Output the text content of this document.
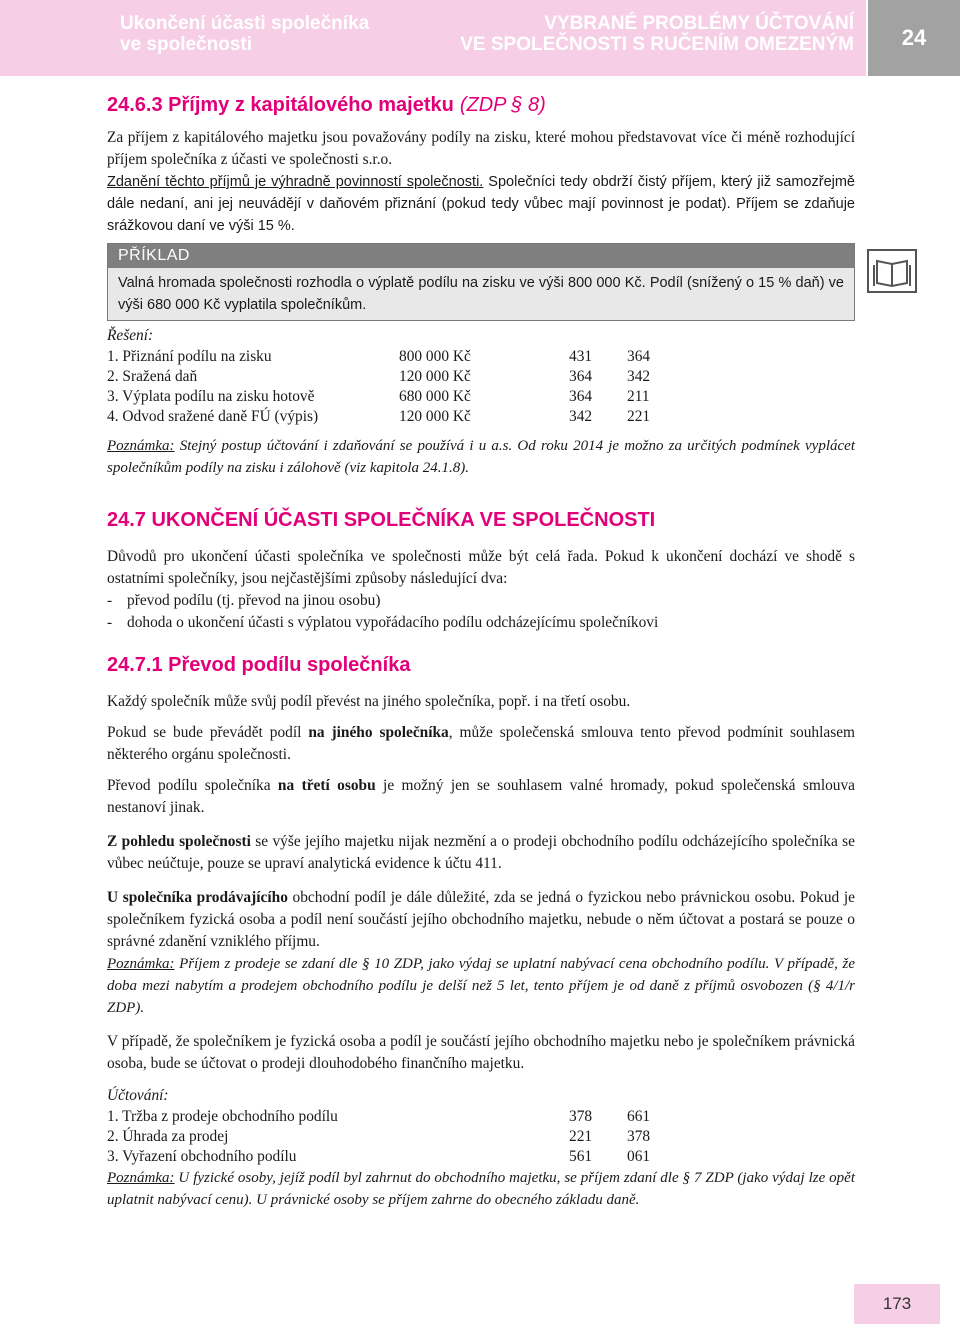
Ukončení účasti společníka
ve společnosti
VYBRANÉ PROBLÉMY ÚČTOVÁNÍ
VE SPOLEČNOSTI S RUČENÍM OMEZENÝM	24
24.6.3 Příjmy z kapitálového majetku (ZDP § 8)

Za příjem z kapitálového majetku jsou považovány podíly na zisku, které mohou představovat více či méně rozhodující příjem společníka z účasti ve společnosti s.r.o.

Zdanění těchto příjmů je výhradně povinností společnosti. Společníci tedy obdrží čistý příjem, který již samozřejmě dále nedaní, ani jej neuvádějí v daňovém přiznání (pokud tedy vůbec mají povinnost je podat). Příjem se zdaňuje srážkovou daní ve výši 15 %.

PŘÍKLAD
Valná hromada společnosti rozhodla o výplatě podílu na zisku ve výši 800 000 Kč. Podíl (snížený o 15 % daň) ve výši 680 000 Kč vyplatila společníkům.

Řešení:

1. Přiznání podílu na zisku	800 000 Kč	431	364
2. Sražená daň	120 000 Kč	364	342
3. Výplata podílu na zisku hotově	680 000 Kč	364	211
4. Odvod sražené daně FÚ (výpis)	120 000 Kč	342	221

Poznámka: Stejný postup účtování i zdaňování se používá i u a.s. Od roku 2014 je možno za určitých podmínek vyplácet společníkům podíly na zisku i zálohově (viz kapitola 24.1.8).

24.7 UKONČENÍ ÚČASTI SPOLEČNÍKA VE SPOLEČNOSTI

Důvodů pro ukončení účasti společníka ve společnosti může být celá řada. Pokud k ukončení dochází ve shodě s ostatními společníky, jsou nejčastějšími způsoby následující dva:

- převod podílu (tj. převod na jinou osobu)
- dohoda o ukončení účasti s výplatou vypořádacího podílu odcházejícímu společníkovi
24.7.1 Převod podílu společníka

Každý společník může svůj podíl převést na jiného společníka, popř. i na třetí osobu.

Pokud se bude převádět podíl na jiného společníka, může společenská smlouva tento převod podmínit souhlasem některého orgánu společnosti.

Převod podílu společníka na třetí osobu je možný jen se souhlasem valné hromady, pokud společenská smlouva nestanoví jinak.

Z pohledu společnosti se výše jejího majetku nijak nezmění a o prodeji obchodního podílu odcházejícího společníka se vůbec neúčtuje, pouze se upraví analytická evidence k účtu 411.

U společníka prodávajícího obchodní podíl je dále důležité, zda se jedná o fyzickou nebo právnickou osobu. Pokud je společníkem fyzická osoba a podíl není součástí jejího obchodního majetku, nebude o něm účtovat a postará se pouze o správné zdanění vzniklého příjmu.

Poznámka: Příjem z prodeje se zdaní dle § 10 ZDP, jako výdaj se uplatní nabývací cena obchodního podílu. V případě, že doba mezi nabytím a prodejem obchodního podílu je delší než 5 let, tento příjem je od daně z příjmů osvobozen (§ 4/1/r ZDP).

V případě, že společníkem je fyzická osoba a podíl je součástí jejího obchodního majetku nebo je společníkem právnická osoba, bude se účtovat o prodeji dlouhodobého finančního majetku.

Účtování:

1. Tržba z prodeje obchodního podílu	378	661
2. Úhrada za prodej	221	378
3. Vyřazení obchodního podílu	561	061

Poznámka: U fyzické osoby, jejíž podíl byl zahrnut do obchodního majetku, se příjem zdaní dle § 7 ZDP (jako výdaj lze opět uplatnit nabývací cenu). U právnické osoby se příjem zahrne do obecného základu daně.

173
